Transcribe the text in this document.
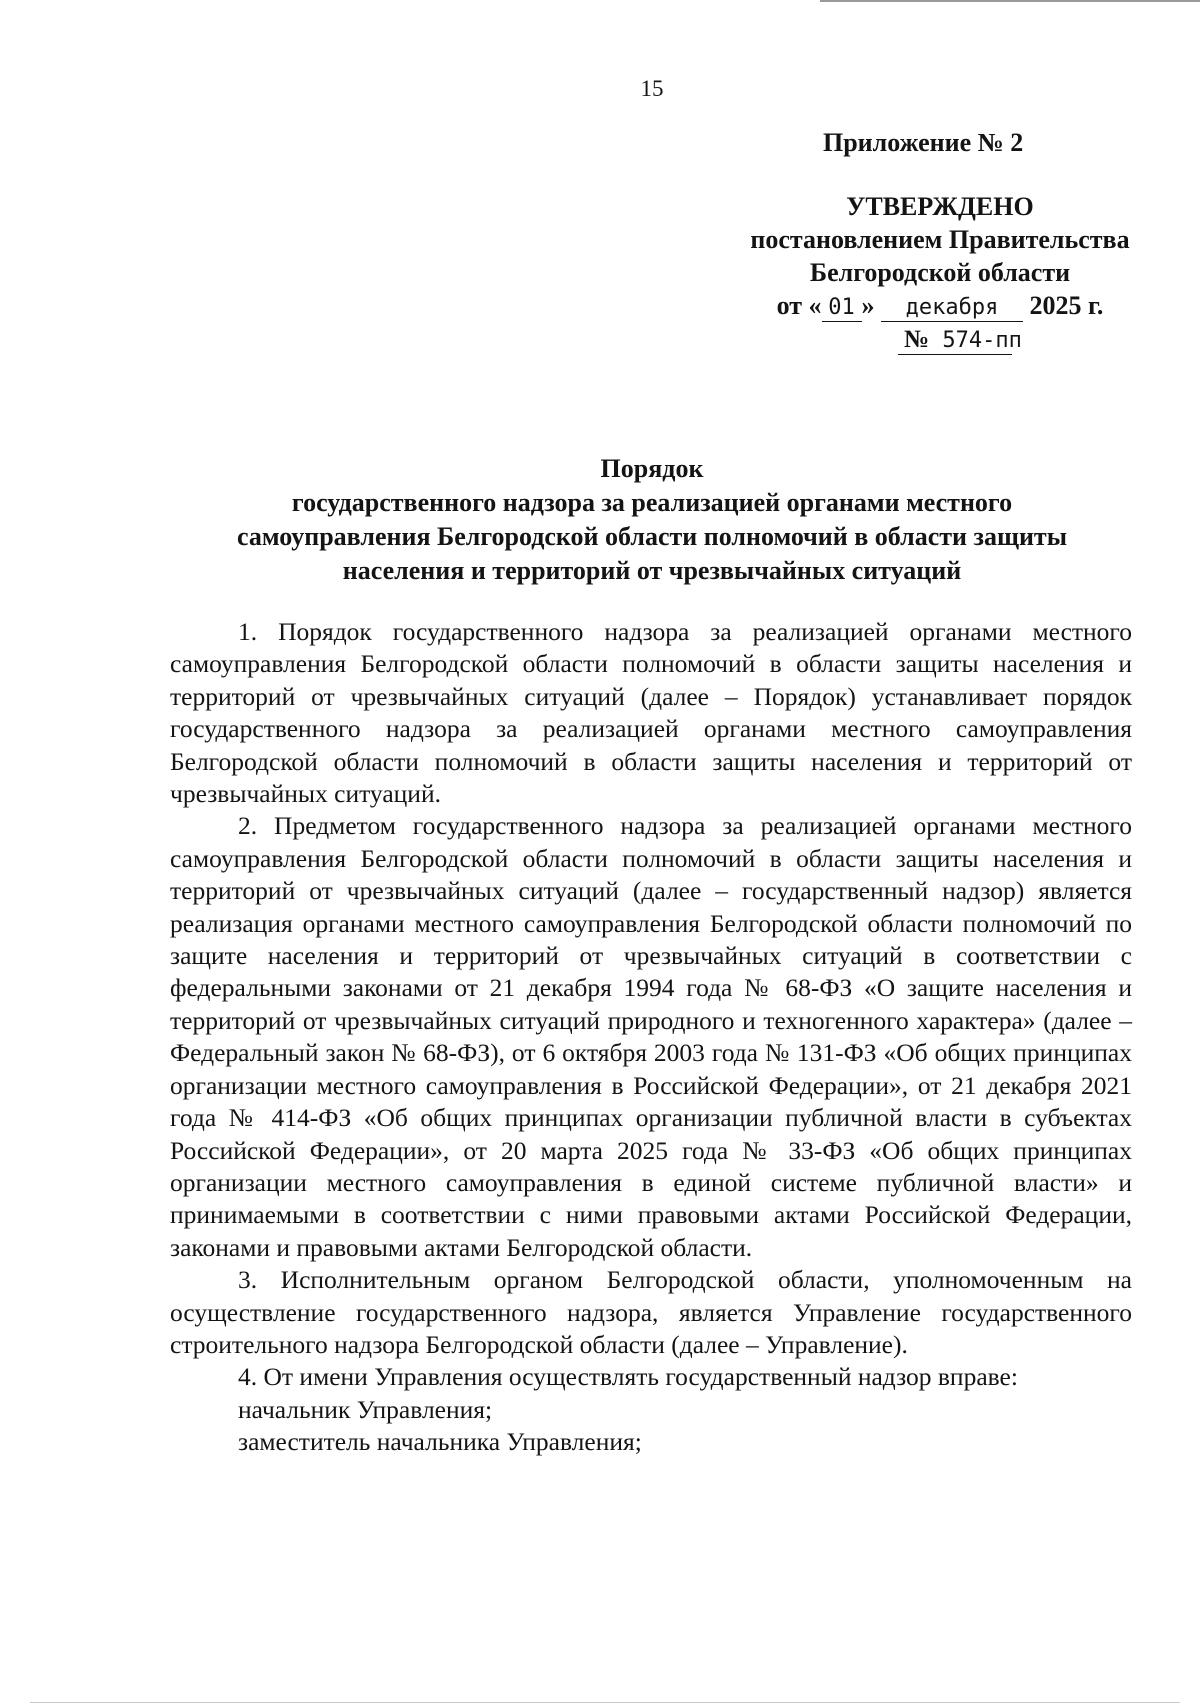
15
Приложение № 2
УТВЕРЖДЕНО
постановлением Правительства
Белгородской области
от « 01 » декабря 2025 г.
№ 574-пп
Порядок
государственного надзора за реализацией органами местного
самоуправления Белгородской области полномочий в области защиты
населения и территорий от чрезвычайных ситуаций

1. Порядок государственного надзора за реализацией органами местного самоуправления Белгородской области полномочий в области защиты населения и территорий от чрезвычайных ситуаций (далее – Порядок) устанавливает порядок государственного надзора за реализацией органами местного самоуправления Белгородской области полномочий в области защиты населения и территорий от чрезвычайных ситуаций.

2. Предметом государственного надзора за реализацией органами местного самоуправления Белгородской области полномочий в области защиты населения и территорий от чрезвычайных ситуаций (далее – государственный надзор) является реализация органами местного самоуправления Белгородской области полномочий по защите населения и территорий от чрезвычайных ситуаций в соответствии с федеральными законами от 21 декабря 1994 года № 68-ФЗ «О защите населения и территорий от чрезвычайных ситуаций природного и техногенного характера» (далее – Федеральный закон № 68-ФЗ), от 6 октября 2003 года № 131-ФЗ «Об общих принципах организации местного самоуправления в Российской Федерации», от 21 декабря 2021 года № 414-ФЗ «Об общих принципах организации публичной власти в субъектах Российской Федерации», от 20 марта 2025 года № 33-ФЗ «Об общих принципах организации местного самоуправления в единой системе публичной власти» и принимаемыми в соответствии с ними правовыми актами Российской Федерации, законами и правовыми актами Белгородской области.

3. Исполнительным органом Белгородской области, уполномоченным на осуществление государственного надзора, является Управление государственного строительного надзора Белгородской области (далее – Управление).

4. От имени Управления осуществлять государственный надзор вправе:

начальник Управления;

заместитель начальника Управления;
